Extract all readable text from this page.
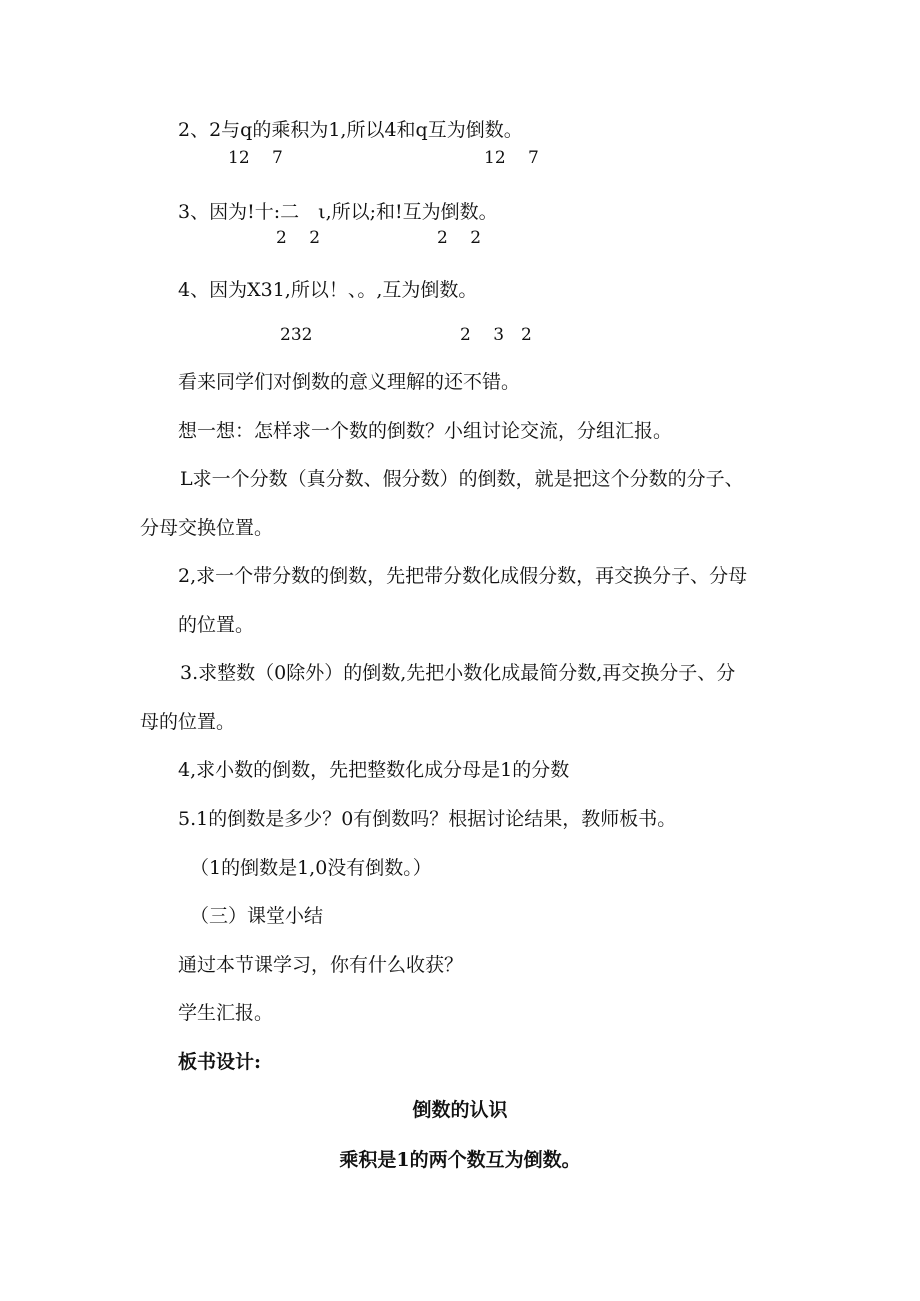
2、2与q的乘积为1,所以4和q互为倒数。
12　 7	12　 7
3、因为!十:二　ι,所以;和!互为倒数。
2　 2	2　 2
4、因为X31,所以！、。,互为倒数。
232	2　 3　2
看来同学们对倒数的意义理解的还不错。
想一想：怎样求一个数的倒数？小组讨论交流，分组汇报。
L求一个分数（真分数、假分数）的倒数，就是把这个分数的分子、
分母交换位置。
2,求一个带分数的倒数，先把带分数化成假分数，再交换分子、分母
的位置。
3.求整数（0除外）的倒数,先把小数化成最简分数,再交换分子、分
母的位置。
4,求小数的倒数，先把整数化成分母是1的分数
5.1的倒数是多少？0有倒数吗？根据讨论结果，教师板书。
（1的倒数是1,0没有倒数。）
（三）课堂小结
通过本节课学习，你有什么收获？
学生汇报。
板书设计:
倒数的认识
乘积是1的两个数互为倒数。
